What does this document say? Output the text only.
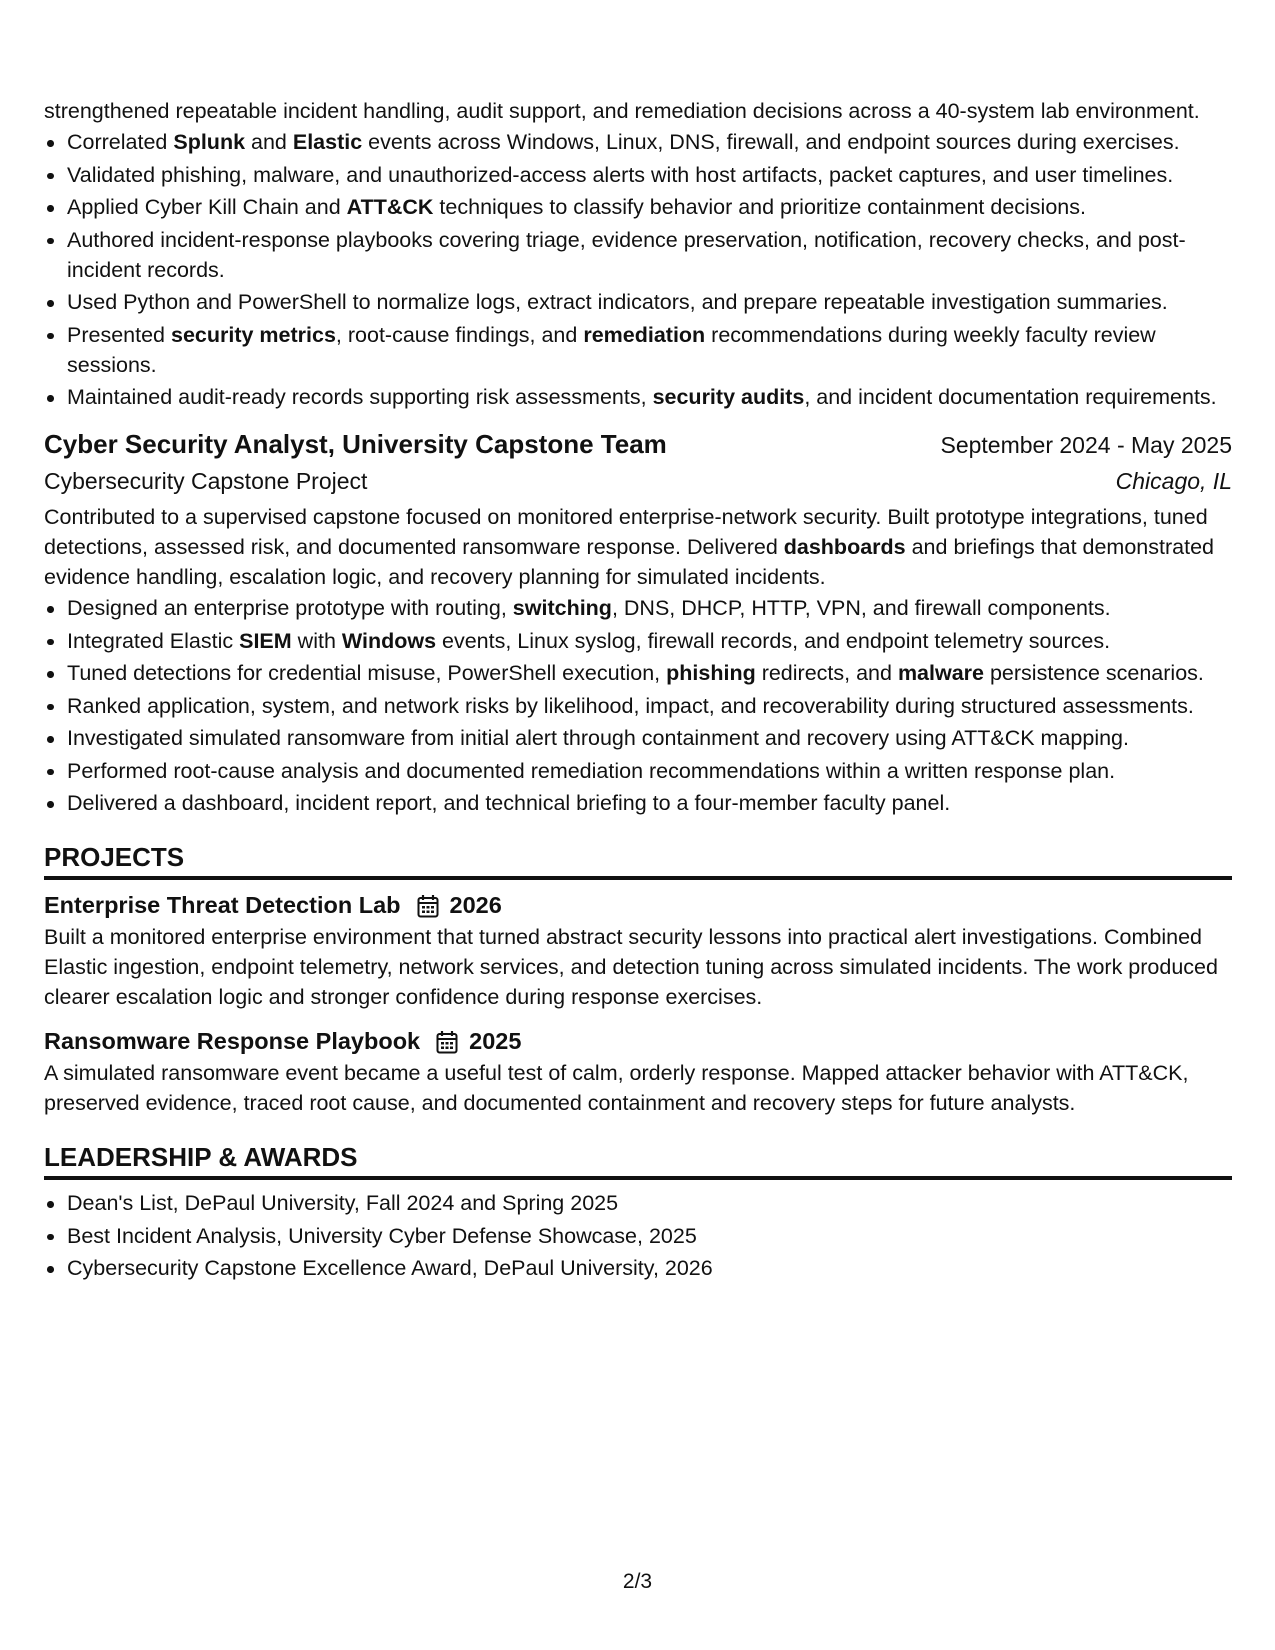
strengthened repeatable incident handling, audit support, and remediation decisions across a 40-system lab environment.

Correlated Splunk and Elastic events across Windows, Linux, DNS, firewall, and endpoint sources during exercises.
Validated phishing, malware, and unauthorized-access alerts with host artifacts, packet captures, and user timelines.
Applied Cyber Kill Chain and ATT&CK techniques to classify behavior and prioritize containment decisions.
Authored incident-response playbooks covering triage, evidence preservation, notification, recovery checks, and post-incident records.
Used Python and PowerShell to normalize logs, extract indicators, and prepare repeatable investigation summaries.
Presented security metrics, root-cause findings, and remediation recommendations during weekly faculty review sessions.
Maintained audit-ready records supporting risk assessments, security audits, and incident documentation requirements.
Cyber Security Analyst, University Capstone Team	September 2024 - May 2025
Cybersecurity Capstone Project	Chicago, IL

Contributed to a supervised capstone focused on monitored enterprise-network security. Built prototype integrations, tuned detections, assessed risk, and documented ransomware response. Delivered dashboards and briefings that demonstrated evidence handling, escalation logic, and recovery planning for simulated incidents.

Designed an enterprise prototype with routing, switching, DNS, DHCP, HTTP, VPN, and firewall components.
Integrated Elastic SIEM with Windows events, Linux syslog, firewall records, and endpoint telemetry sources.
Tuned detections for credential misuse, PowerShell execution, phishing redirects, and malware persistence scenarios.
Ranked application, system, and network risks by likelihood, impact, and recoverability during structured assessments.
Investigated simulated ransomware from initial alert through containment and recovery using ATT&CK mapping.
Performed root-cause analysis and documented remediation recommendations within a written response plan.
Delivered a dashboard, incident report, and technical briefing to a four-member faculty panel.
PROJECTS
Enterprise Threat Detection Lab 2026

Built a monitored enterprise environment that turned abstract security lessons into practical alert investigations. Combined Elastic ingestion, endpoint telemetry, network services, and detection tuning across simulated incidents. The work produced clearer escalation logic and stronger confidence during response exercises.

Ransomware Response Playbook 2025

A simulated ransomware event became a useful test of calm, orderly response. Mapped attacker behavior with ATT&CK, preserved evidence, traced root cause, and documented containment and recovery steps for future analysts.

LEADERSHIP & AWARDS
Dean's List, DePaul University, Fall 2024 and Spring 2025
Best Incident Analysis, University Cyber Defense Showcase, 2025
Cybersecurity Capstone Excellence Award, DePaul University, 2026
2/3
